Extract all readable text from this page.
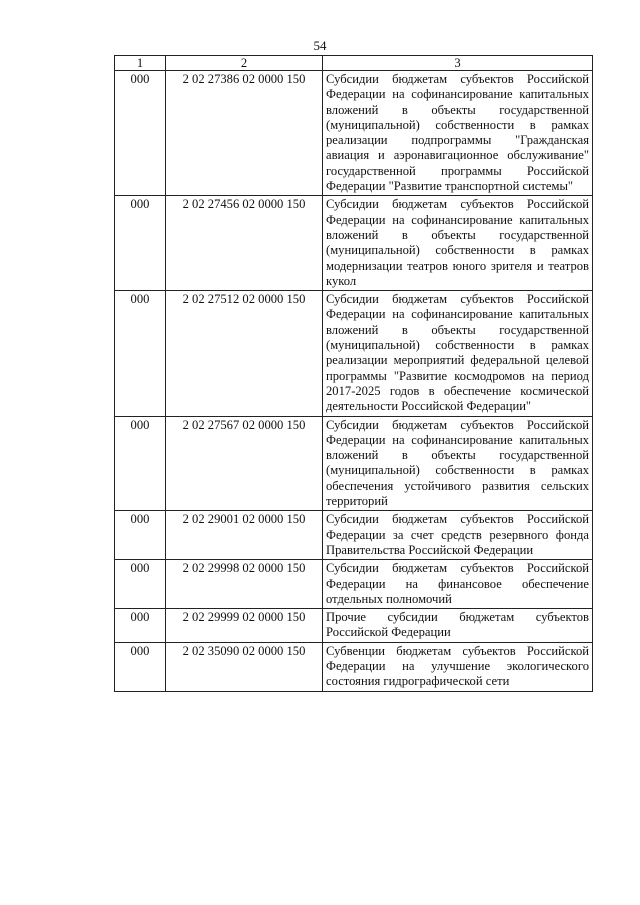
54
1	2	3
000	2 02 27386 02 0000 150	Субсидии бюджетам субъектов Российской Федерации на софинансирование капитальных вложений в объекты государственной (муниципальной) собственности в рамках реализации подпрограммы "Гражданская авиация и аэронавигационное обслуживание" государственной программы Российской Федерации "Развитие транспортной системы"
000	2 02 27456 02 0000 150	Субсидии бюджетам субъектов Российской Федерации на софинансирование капитальных вложений в объекты государственной (муниципальной) собственности в рамках модернизации театров юного зрителя и театров кукол
000	2 02 27512 02 0000 150	Субсидии бюджетам субъектов Российской Федерации на софинансирование капитальных вложений в объекты государственной (муниципальной) собственности в рамках реализации мероприятий федеральной целевой программы "Развитие космодромов на период 2017-2025 годов в обеспечение космической деятельности Российской Федерации"
000	2 02 27567 02 0000 150	Субсидии бюджетам субъектов Российской Федерации на софинансирование капитальных вложений в объекты государственной (муниципальной) собственности в рамках обеспечения устойчивого развития сельских территорий
000	2 02 29001 02 0000 150	Субсидии бюджетам субъектов Российской Федерации за счет средств резервного фонда Правительства Российской Федерации
000	2 02 29998 02 0000 150	Субсидии бюджетам субъектов Российской Федерации на финансовое обеспечение отдельных полномочий
000	2 02 29999 02 0000 150	Прочие субсидии бюджетам субъектов Российской Федерации
000	2 02 35090 02 0000 150	Субвенции бюджетам субъектов Российской Федерации на улучшение экологического состояния гидрографической сети
